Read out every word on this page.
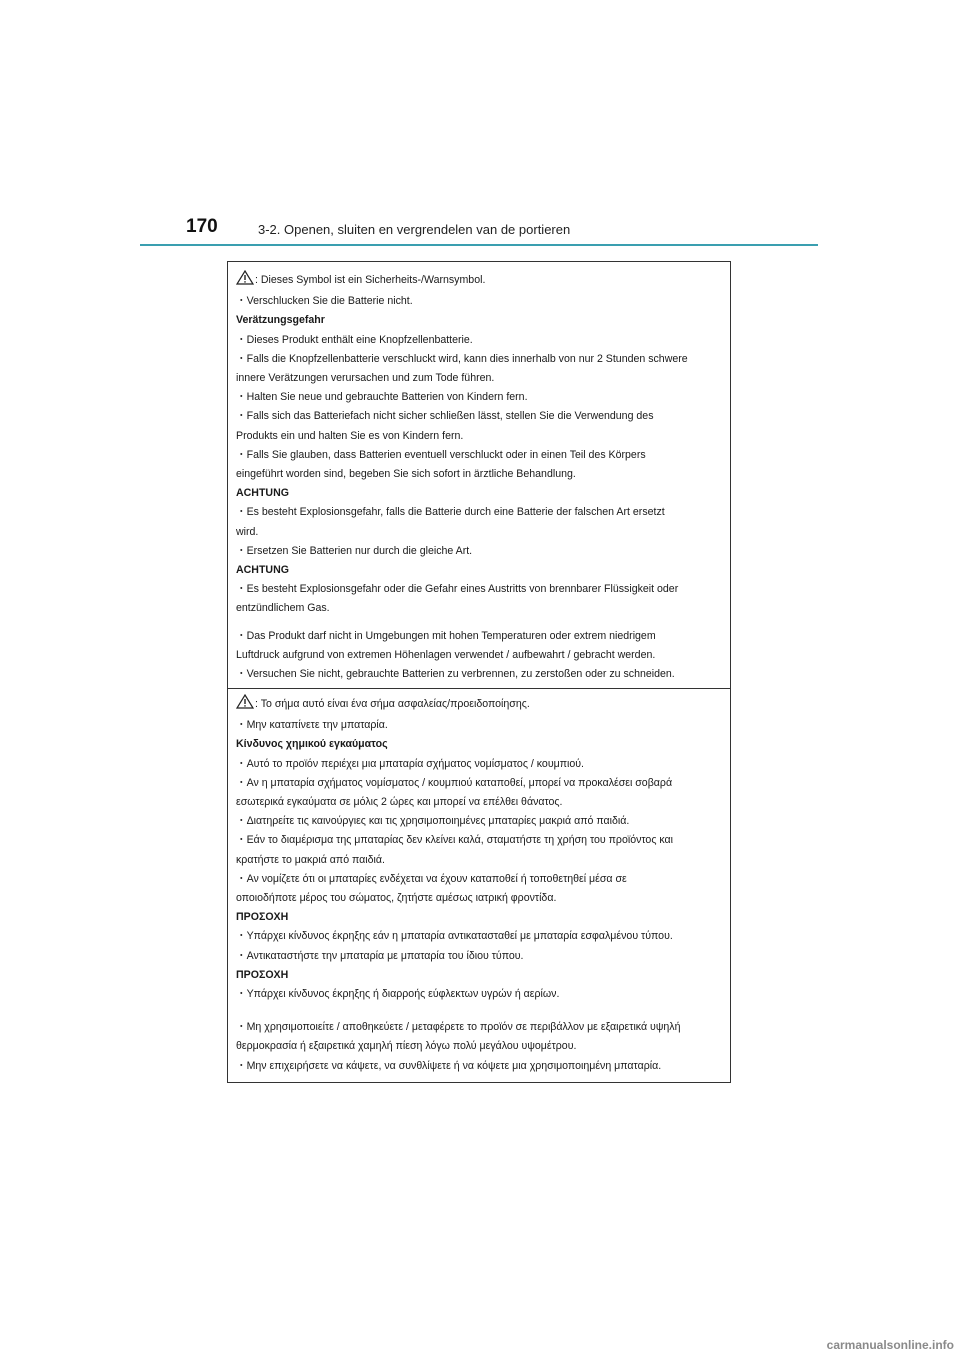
170	3-2. Openen, sluiten en vergrendelen van de portieren
: Dieses Symbol ist ein Sicherheits-/Warnsymbol.
・Verschlucken Sie die Batterie nicht.
Verätzungsgefahr
・Dieses Produkt enthält eine Knopfzellenbatterie.
・Falls die Knopfzellenbatterie verschluckt wird, kann dies innerhalb von nur 2 Stunden schwere
innere Verätzungen verursachen und zum Tode führen.
・Halten Sie neue und gebrauchte Batterien von Kindern fern.
・Falls sich das Batteriefach nicht sicher schließen lässt, stellen Sie die Verwendung des
Produkts ein und halten Sie es von Kindern fern.
・Falls Sie glauben, dass Batterien eventuell verschluckt oder in einen Teil des Körpers
eingeführt worden sind, begeben Sie sich sofort in ärztliche Behandlung.
ACHTUNG
・Es besteht Explosionsgefahr, falls die Batterie durch eine Batterie der falschen Art ersetzt
wird.
・Ersetzen Sie Batterien nur durch die gleiche Art.
ACHTUNG
・Es besteht Explosionsgefahr oder die Gefahr eines Austritts von brennbarer Flüssigkeit oder
entzündlichem Gas.
・Das Produkt darf nicht in Umgebungen mit hohen Temperaturen oder extrem niedrigem
Luftdruck aufgrund von extremen Höhenlagen verwendet / aufbewahrt / gebracht werden.
・Versuchen Sie nicht, gebrauchte Batterien zu verbrennen, zu zerstoßen oder zu schneiden.
: Το σήμα αυτό είναι ένα σήμα ασφαλείας/προειδοποίησης.
・Μην καταπίνετε την μπαταρία.
Κίνδυνος χημικού εγκαύματος
・Αυτό το προϊόν περιέχει μια μπαταρία σχήματος νομίσματος / κουμπιού.
・Αν η μπαταρία σχήματος νομίσματος / κουμπιού καταποθεί, μπορεί να προκαλέσει σοβαρά
εσωτερικά εγκαύματα σε μόλις 2 ώρες και μπορεί να επέλθει θάνατος.
・Διατηρείτε τις καινούργιες και τις χρησιμοποιημένες μπαταρίες μακριά από παιδιά.
・Εάν το διαμέρισμα της μπαταρίας δεν κλείνει καλά, σταματήστε τη χρήση του προϊόντος και
κρατήστε το μακριά από παιδιά.
・Αν νομίζετε ότι οι μπαταρίες ενδέχεται να έχουν καταποθεί ή τοποθετηθεί μέσα σε
οποιοδήποτε μέρος του σώματος, ζητήστε αμέσως ιατρική φροντίδα.
ΠΡΟΣΟΧΗ
・Υπάρχει κίνδυνος έκρηξης εάν η μπαταρία αντικατασταθεί με μπαταρία εσφαλμένου τύπου.
・Αντικαταστήστε την μπαταρία με μπαταρία του ίδιου τύπου.
ΠΡΟΣΟΧΗ
・Υπάρχει κίνδυνος έκρηξης ή διαρροής εύφλεκτων υγρών ή αερίων.
・Μη χρησιμοποιείτε / αποθηκεύετε / μεταφέρετε το προϊόν σε περιβάλλον με εξαιρετικά υψηλή
θερμοκρασία ή εξαιρετικά χαμηλή πίεση λόγω πολύ μεγάλου υψομέτρου.
・Μην επιχειρήσετε να κάψετε, να συνθλίψετε ή να κόψετε μια χρησιμοποιημένη μπαταρία.
carmanualsonline.info
